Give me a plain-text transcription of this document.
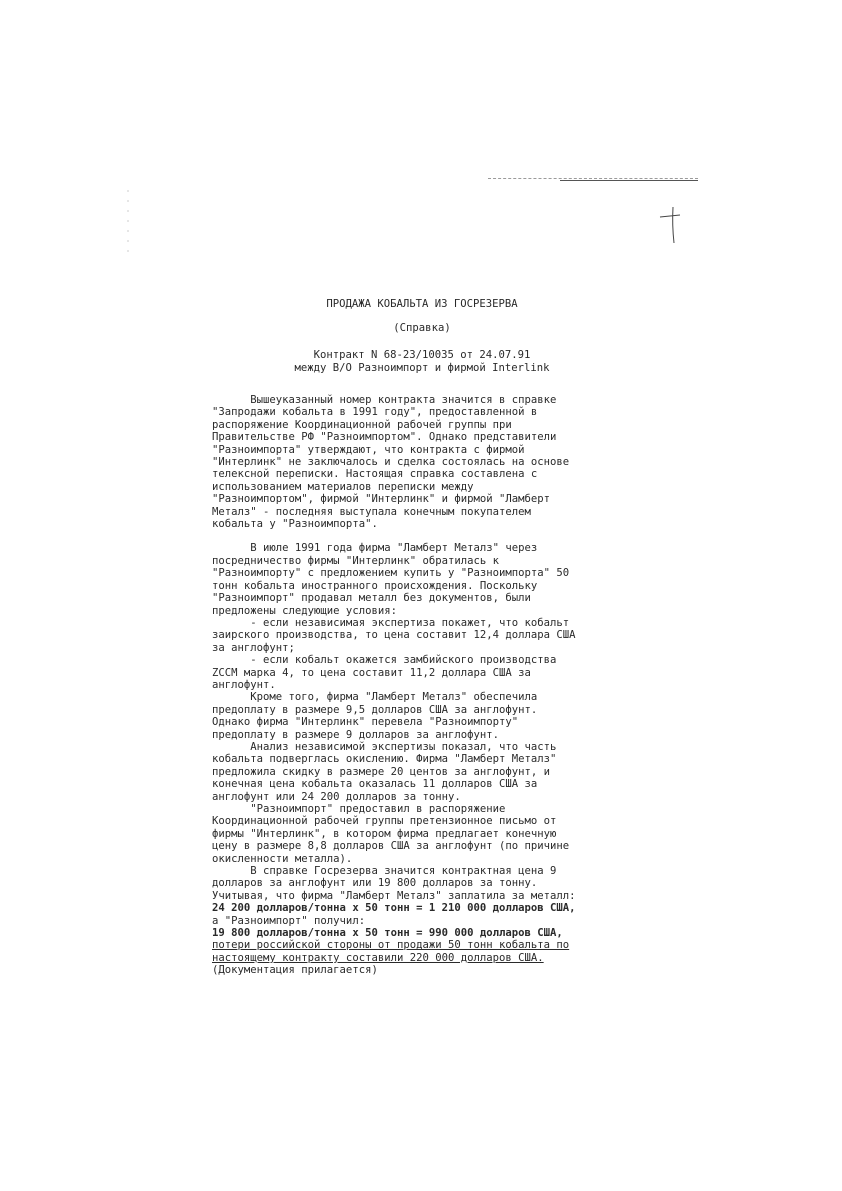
ПРОДАЖА КОБАЛЬТА ИЗ ГОСРЕЗЕРВА
(Справка)
Контракт N 68-23/10035 от 24.07.91
между В/О Разноимпорт и фирмой Interlink

Вышеуказанный номер контракта значится в справке

"Запродажи кобальта в 1991 году", предоставленной в

распоряжение Координационной рабочей группы при

Правительстве РФ "Разноимпортом". Однако представители

"Разноимпорта" утверждают, что контракта с фирмой

"Интерлинк" не заключалось и сделка состоялась на основе

телексной переписки. Настоящая справка составлена с

использованием материалов переписки между

"Разноимпортом", фирмой "Интерлинк" и фирмой "Ламберт

Металз" - последняя выступала конечным покупателем

кобальта у "Разноимпорта".

В июле 1991 года фирма "Ламберт Металз" через

посредничество фирмы "Интерлинк" обратилась к

"Разноимпорту" с предложением купить у "Разноимпорта" 50

тонн кобальта иностранного происхождения. Поскольку

"Разноимпорт" продавал металл без документов, были

предложены следующие условия:

- если независимая экспертиза покажет, что кобальт

заирского производства, то цена составит 12,4 доллара США

за англофунт;

- если кобальт окажется замбийского производства

ZCCM марка 4, то цена составит 11,2 доллара США за

англофунт.

Кроме того, фирма "Ламберт Металз" обеспечила

предоплату в размере 9,5 долларов США за англофунт.

Однако фирма "Интерлинк" перевела "Разноимпорту"

предоплату в размере 9 долларов за англофунт.

Анализ независимой экспертизы показал, что часть

кобальта подверглась окислению. Фирма "Ламберт Металз"

предложила скидку в размере 20 центов за англофунт, и

конечная цена кобальта оказалась 11 долларов США за

англофунт или 24 200 долларов за тонну.

"Разноимпорт" предоставил в распоряжение

Координационной рабочей группы претензионное письмо от

фирмы "Интерлинк", в котором фирма предлагает конечную

цену в размере 8,8 долларов США за англофунт (по причине

окисленности металла).

В справке Госрезерва значится контрактная цена 9

долларов за англофунт или 19 800 долларов за тонну.

Учитывая, что фирма "Ламберт Металз" заплатила за металл:

24 200 долларов/тонна x 50 тонн = 1 210 000 долларов США,

а "Разноимпорт" получил:

19 800 долларов/тонна x 50 тонн = 990 000 долларов США,

потери российской стороны от продажи 50 тонн кобальта по

настоящему контракту составили 220 000 долларов США.

(Документация прилагается)
